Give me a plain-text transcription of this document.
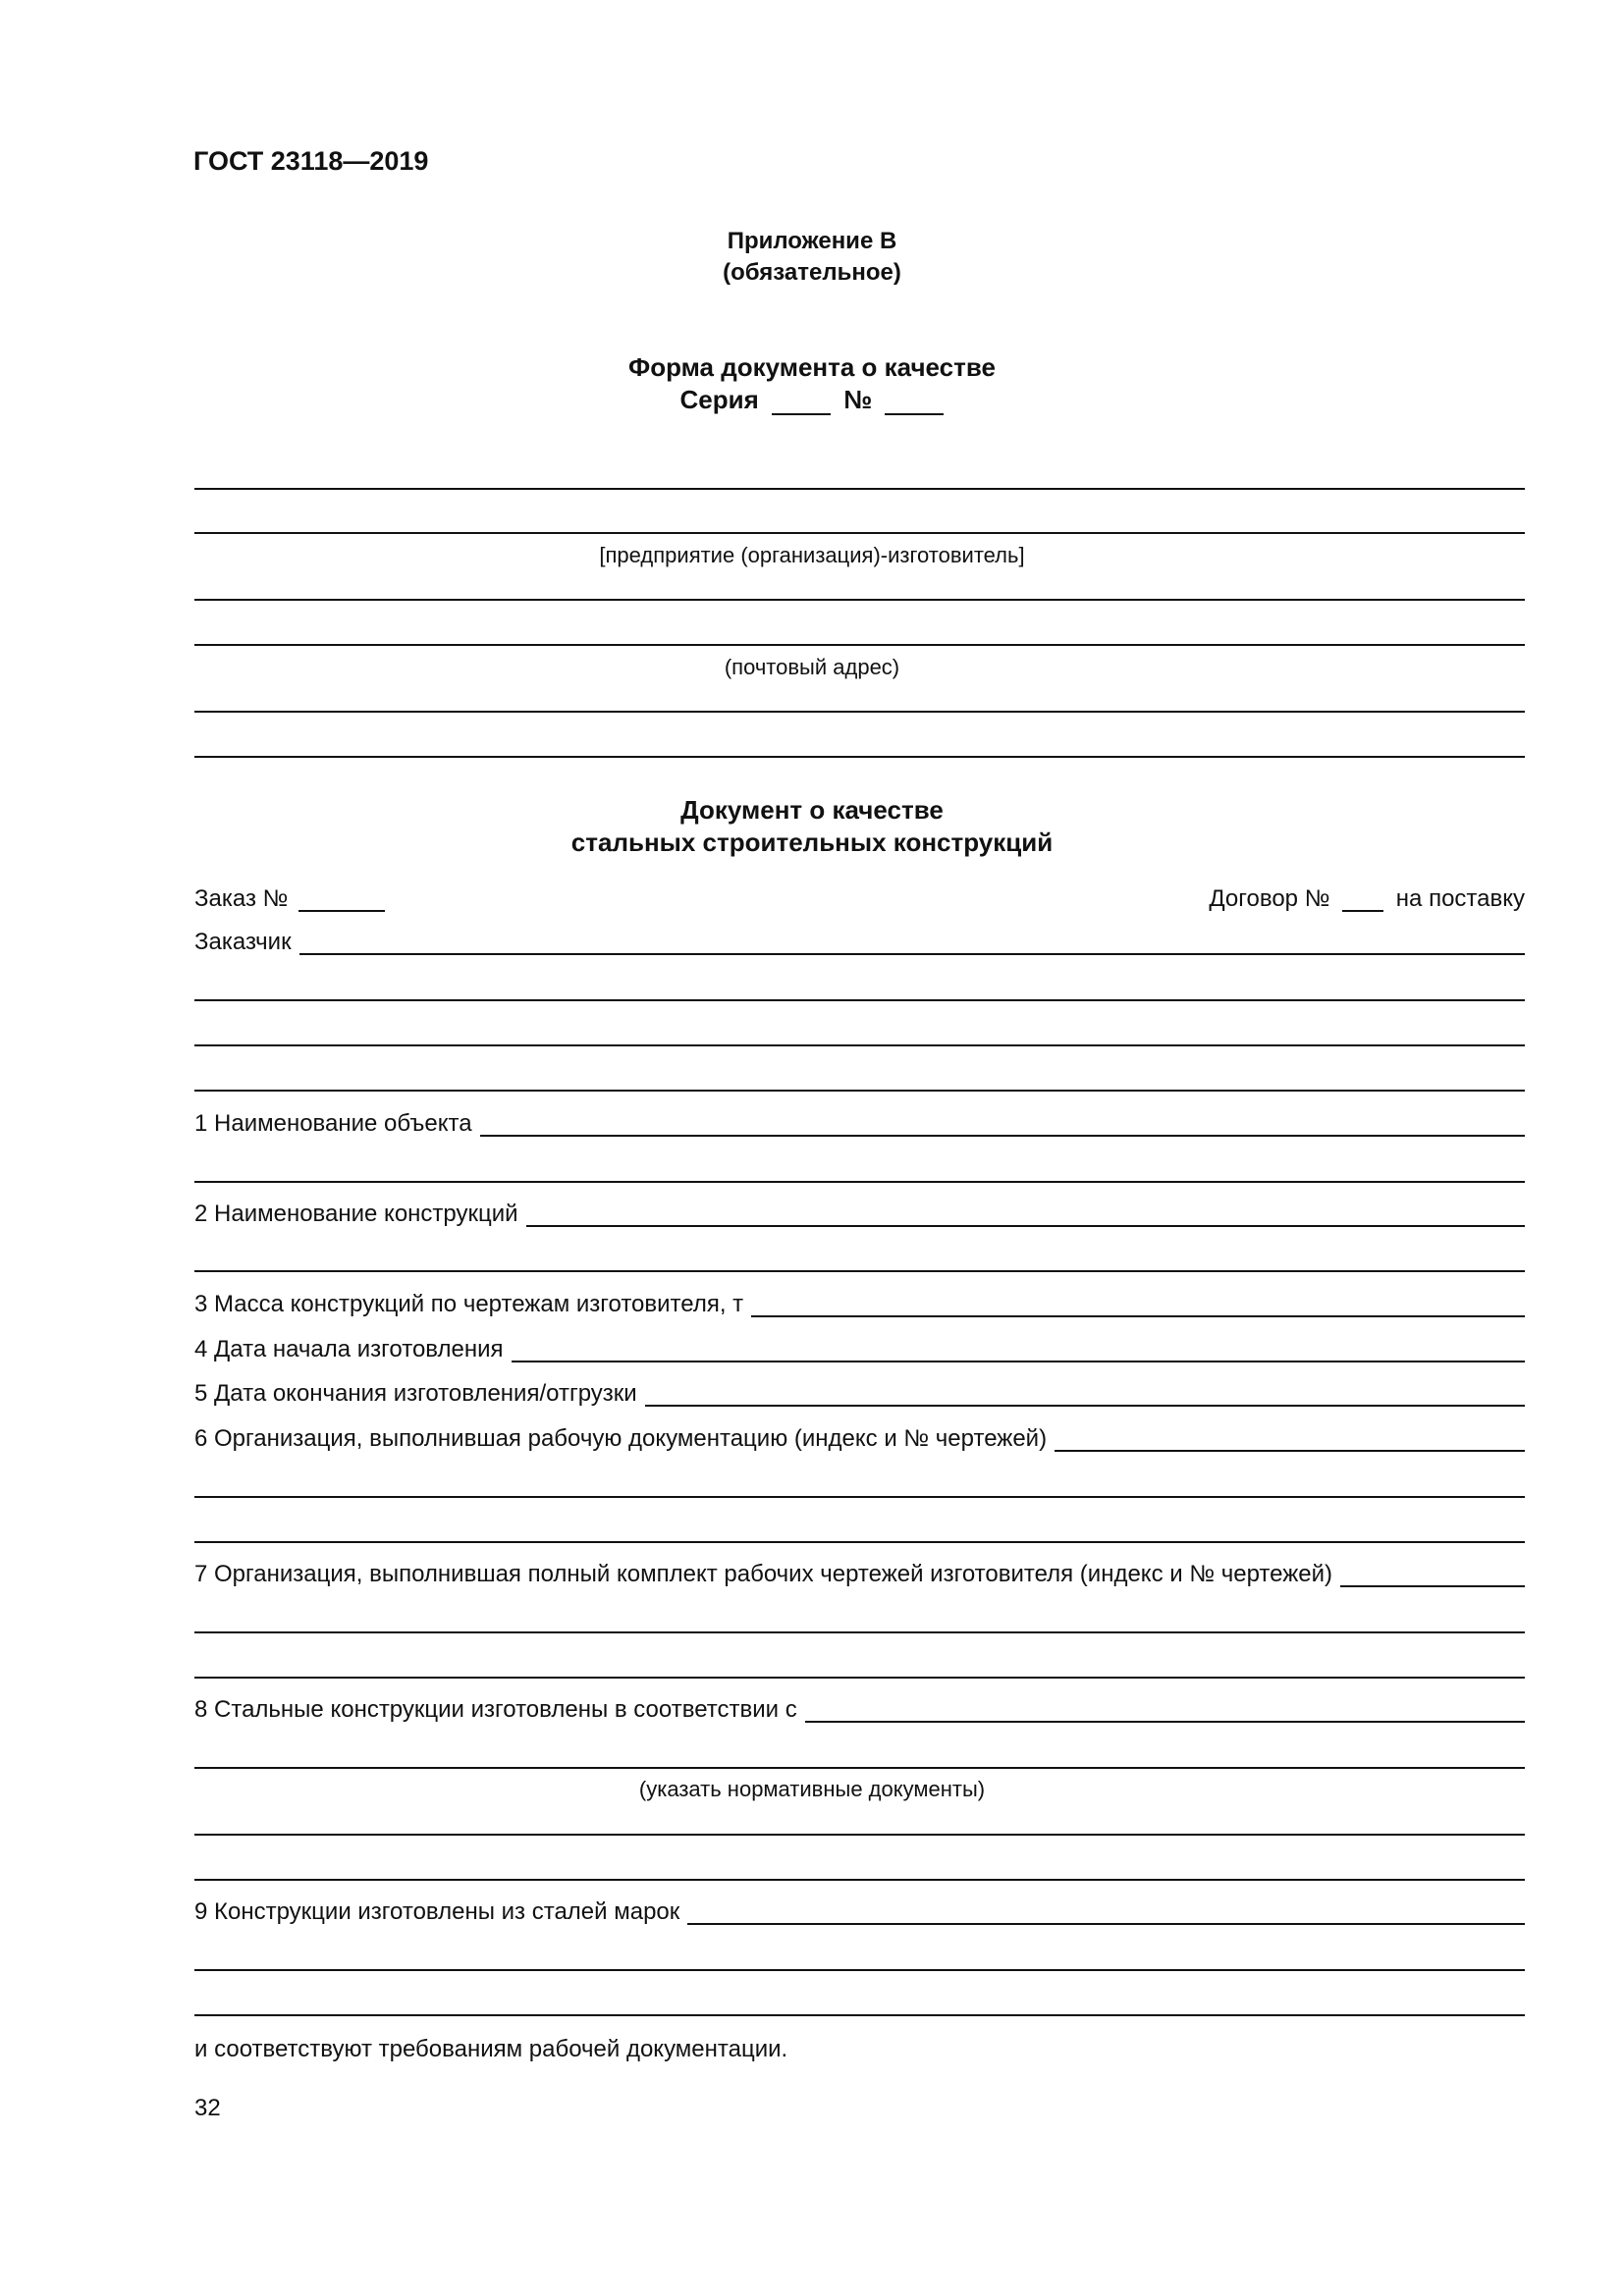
ГОСТ 23118—2019
Приложение В
(обязательное)
Форма документа о качестве
Серия	№
[предприятие (организация)-изготовитель]
(почтовый адрес)
Документ о качестве
стальных строительных конструкций
Заказ №	Договор №	на поставку
Заказчик
1 Наименование объекта
2 Наименование конструкций
3 Масса конструкций по чертежам изготовителя, т
4 Дата начала изготовления
5 Дата окончания изготовления/отгрузки
6 Организация, выполнившая рабочую документацию (индекс и № чертежей)
7 Организация, выполнившая полный комплект рабочих чертежей изготовителя (индекс и № чертежей)
8 Стальные конструкции изготовлены в соответствии с
(указать нормативные документы)
9 Конструкции изготовлены из сталей марок
и соответствуют требованиям рабочей документации.
32
